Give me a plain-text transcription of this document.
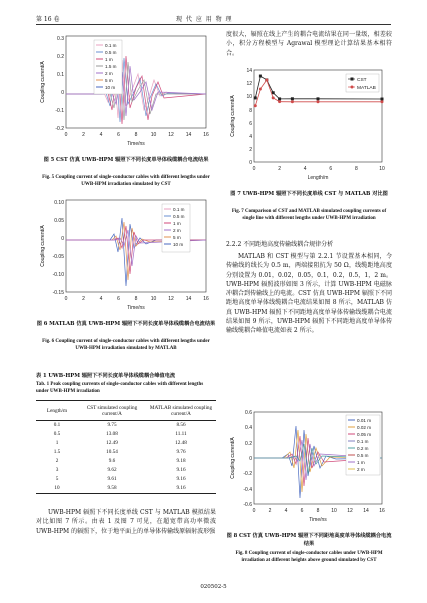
第 16 卷	现 代 应 用 物 理
0.3
0.2
0.1
0
-0.1
-0.2
0	2	4	6	8	10 12 14 16
Time/ns
Coupling current/A
0.1 m
0.5 m
1 m
1.5 m
2 m
5 m
10 m
图 5 CST 仿真 UWB-HPM 辐照下不同长度单导体线缆耦合电流结果
Fig. 5 Coupling current of single-conductor cables with different lengths under UWB-HPM irradiation simulated by CST
0.10
0.05
0
-0.05
-0.10
-0.15
0	2	4	6	8	10 12 14 16
Time/ns
Coupling current/A
0.1 m
0.5 m
1 m
2 m
5 m
10 m
图 6 MATLAB 仿真 UWB-HPM 辐照下不同长度单导体线缆耦合电流结果
Fig. 6 Coupling current of single-conductor cables with different lengths under UWB-HPM irradiation simulated by MATLAB
表 1 UWB-HPM 辐照下不同长度单导体线缆耦合峰值电流
Tab. 1 Peak coupling currents of single-conductor cables with different lengths under UWB-HPM irradiation
Length/m	CST simulated coupling current/A	MATLAB simulated coupling current/A
0.1	9.75	8.56
0.5	13.08	11.11
1	12.49	12.48
1.5	10.54	9.76
2	9.6	9.18
3	9.62	9.16
5	9.61	9.16
10	9.58	9.16
UWB-HPM 辐照下不同长度单线 CST 与 MATLAB 模拟结果对比如图 7 所示。由表 1 及图 7 可见，在超宽带高功率微波 UWB-HPM 的辐照下，位于地平面上的单导体传输线原辐射波形强
度很大，辐照在线上产生的耦合电流结果在同一量级，相差较小，积分方程模型与 Agrawal 模型理论计算结果基本相符合。
14
12
10
8
6
4
2
0
0	2	4	6	8	10
Length/m
Coupling current/A
CST
MATLAB
图 7 UWB-HPM 辐照下不同长度单线 CST 与 MATLAB 对比图
Fig. 7 Comparison of CST and MATLAB simulated coupling currents of single line with different lengths under UWB-HPM irradiation
2.2.2 不同距地高度传输线耦合规律分析
MATLAB 和 CST 模型与第 2.2.1 节设置基本相同，令传输线的线长为 0.5 m，两端接阻抗为 50 Ω，线缆距地高度分别设置为 0.01，0.02，0.05，0.1，0.2，0.5，1，2 m。UWB-HPM 辐照波形如图 3 所示，计算 UWB-HPM 电磁脉冲耦合到传输线上的电流。CST 仿真 UWB-HPM 辐照下不同距地高度单导体线缆耦合电流结果如图 8 所示，MATLAB 仿真 UWB-HPM 辐照下不同距地高度单导体传输线缆耦合电流结果如图 9 所示，UWB-HPM 辐照下不同距地高度单导体传输线缆耦合峰值电流如表 2 所示。
0.6
0.4
0.2
0
-0.2
-0.4
-0.6
0	2	4	6	8 10 12 14 16
Time/ns
Coupling current/A
0.01 m
0.02 m
0.05 m
0.1 m
0.2 m
0.5 m
1 m
2 m
图 8 CST 仿真 UWB-HPM 辐照下不同距地高度单导体线缆耦合电流结果
Fig. 8 Coupling current of single-conductor cables under UWB-HPM irradiation at different heights above ground simulated by CST
020502-5
